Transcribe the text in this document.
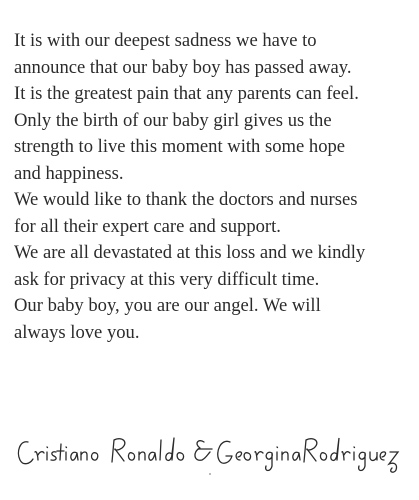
It is with our deepest sadness we have to
announce that our baby boy has passed away.
It is the greatest pain that any parents can feel.
Only the birth of our baby girl gives us the
strength to live this moment with some hope
and happiness.
We would like to thank the doctors and nurses
for all their expert care and support.
We are all devastated at this loss and we kindly
ask for privacy at this very difficult time.
Our baby boy, you are our angel. We will
always love you.
